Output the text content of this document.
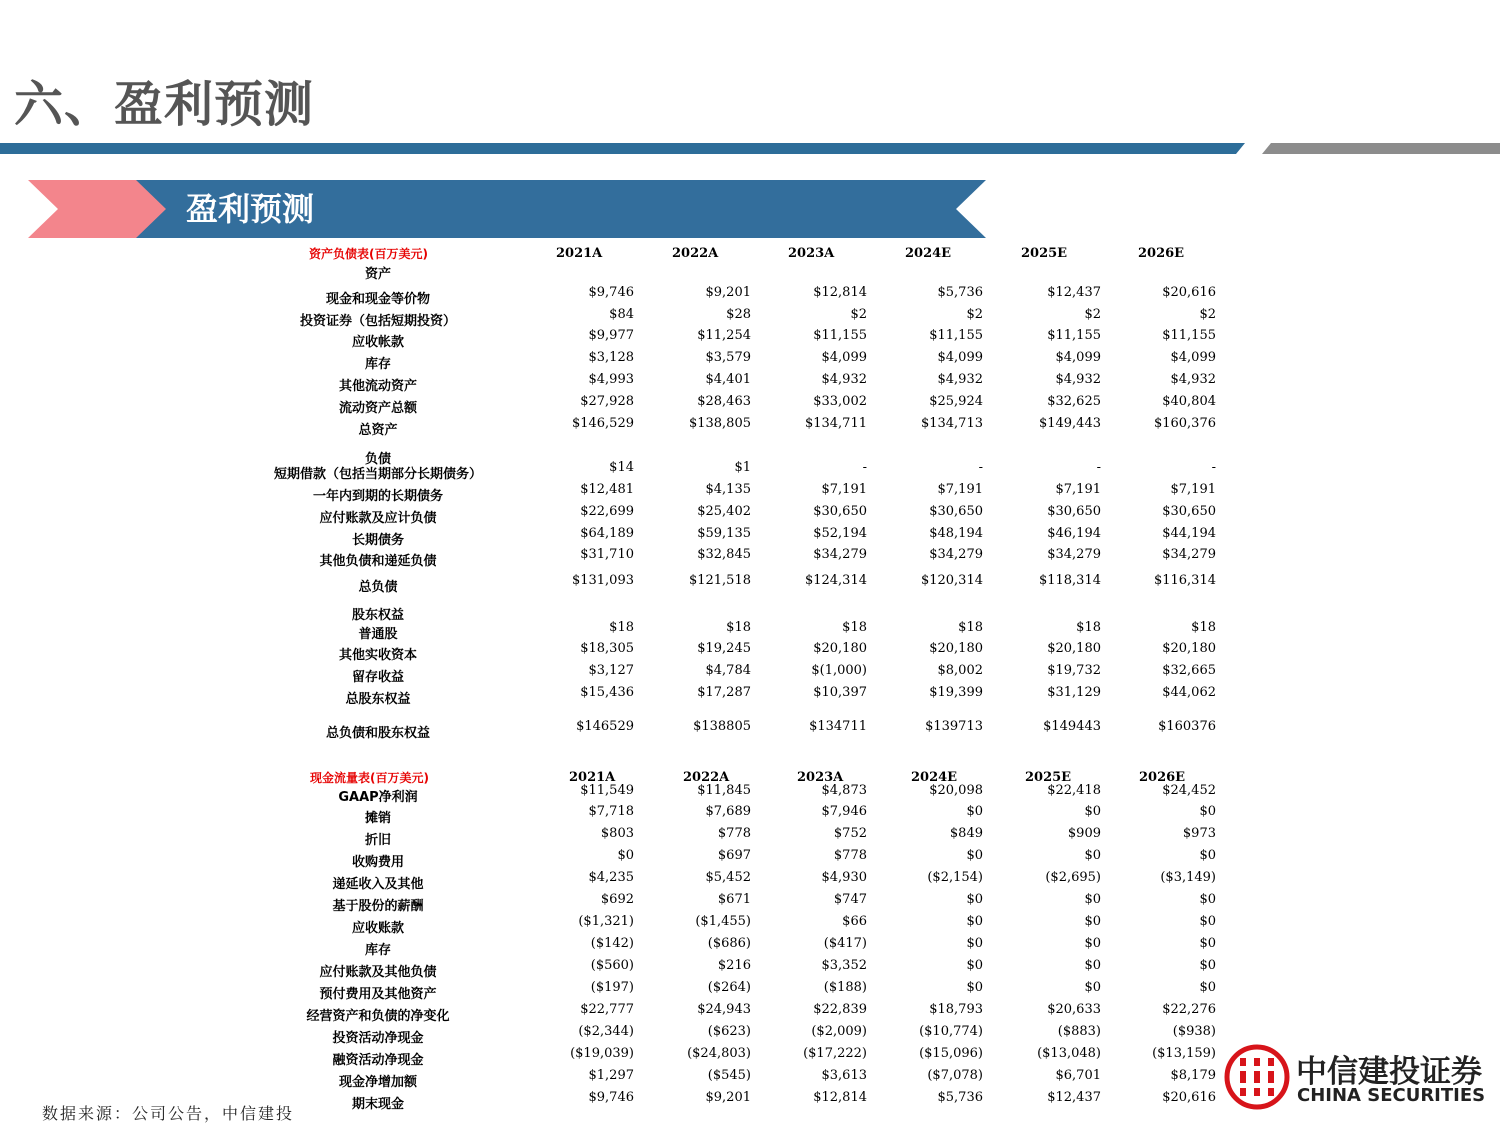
六、盈利预测
盈利预测
资产负债表(百万美元)	2021A	2022A	2023A	2024E	2025E	2026E
资产
现金和现金等价物	$9,746	$9,201	$12,814	$5,736	$12,437	$20,616
投资证券（包括短期投资）	$84	$28	$2	$2	$2	$2
应收帐款	$9,977	$11,254	$11,155	$11,155	$11,155	$11,155
库存	$3,128	$3,579	$4,099	$4,099	$4,099	$4,099
其他流动资产	$4,993	$4,401	$4,932	$4,932	$4,932	$4,932
流动资产总额	$27,928	$28,463	$33,002	$25,924	$32,625	$40,804
总资产	$146,529	$138,805	$134,711	$134,713	$149,443	$160,376
负债
短期借款（包括当期部分长期债务）	$14	$1	-	-	-	-
一年内到期的长期债务	$12,481	$4,135	$7,191	$7,191	$7,191	$7,191
应付账款及应计负债	$22,699	$25,402	$30,650	$30,650	$30,650	$30,650
长期债务	$64,189	$59,135	$52,194	$48,194	$46,194	$44,194
其他负债和递延负债	$31,710	$32,845	$34,279	$34,279	$34,279	$34,279
总负债	$131,093	$121,518	$124,314	$120,314	$118,314	$116,314
股东权益
普通股	$18	$18	$18	$18	$18	$18
其他实收资本	$18,305	$19,245	$20,180	$20,180	$20,180	$20,180
留存收益	$3,127	$4,784	$(1,000)	$8,002	$19,732	$32,665
总股东权益	$15,436	$17,287	$10,397	$19,399	$31,129	$44,062
总负债和股东权益	$146529	$138805	$134711	$139713	$149443	$160376
现金流量表(百万美元)	2021A	2022A	2023A	2024E	2025E	2026E
GAAP净利润	$11,549	$11,845	$4,873	$20,098	$22,418	$24,452
摊销	$7,718	$7,689	$7,946	$0	$0	$0
折旧	$803	$778	$752	$849	$909	$973
收购费用	$0	$697	$778	$0	$0	$0
递延收入及其他	$4,235	$5,452	$4,930	($2,154)	($2,695)	($3,149)
基于股份的薪酬	$692	$671	$747	$0	$0	$0
应收账款	($1,321)	($1,455)	$66	$0	$0	$0
库存	($142)	($686)	($417)	$0	$0	$0
应付账款及其他负债	($560)	$216	$3,352	$0	$0	$0
预付费用及其他资产	($197)	($264)	($188)	$0	$0	$0
经营资产和负债的净变化	$22,777	$24,943	$22,839	$18,793	$20,633	$22,276
投资活动净现金	($2,344)	($623)	($2,009)	($10,774)	($883)	($938)
融资活动净现金	($19,039)	($24,803)	($17,222)	($15,096)	($13,048)	($13,159)
现金净增加额	$1,297	($545)	$3,613	($7,078)	$6,701	$8,179
期末现金	$9,746	$9,201	$12,814	$5,736	$12,437	$20,616
数据来源：公司公告，中信建投
中信建投证券
CHINA SECURITIES
